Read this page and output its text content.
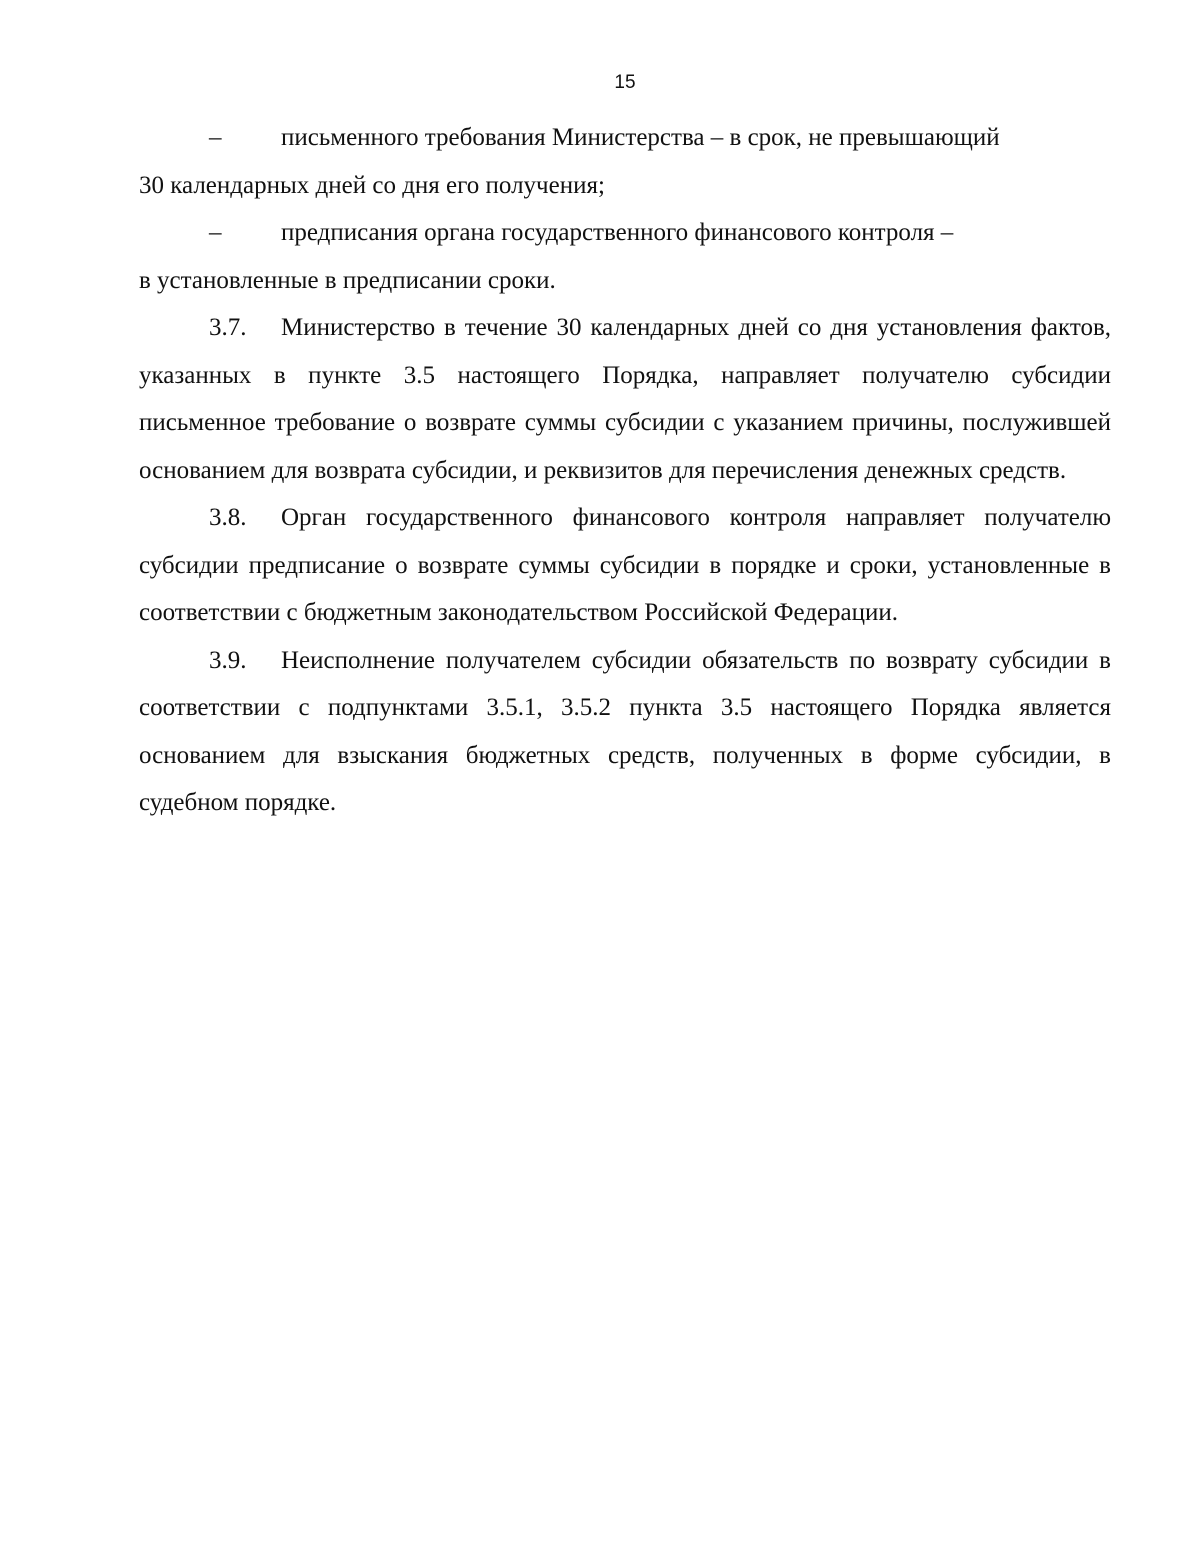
15

– письменного требования Министерства – в срок, не превышающий
30 календарных дней со дня его получения;

– предписания органа государственного финансового контроля –
в установленные в предписании сроки.

3.7. Министерство в течение 30 календарных дней со дня установления фактов, указанных в пункте 3.5 настоящего Порядка, направляет получателю субсидии письменное требование о возврате суммы субсидии с указанием причины, послужившей основанием для возврата субсидии, и реквизитов для перечисления денежных средств.

3.8. Орган государственного финансового контроля направляет получателю субсидии предписание о возврате суммы субсидии в порядке и сроки, установленные в соответствии с бюджетным законодательством Российской Федерации.

3.9. Неисполнение получателем субсидии обязательств по возврату субсидии в соответствии с подпунктами 3.5.1, 3.5.2 пункта 3.5 настоящего Порядка является основанием для взыскания бюджетных средств, полученных в форме субсидии, в судебном порядке.
